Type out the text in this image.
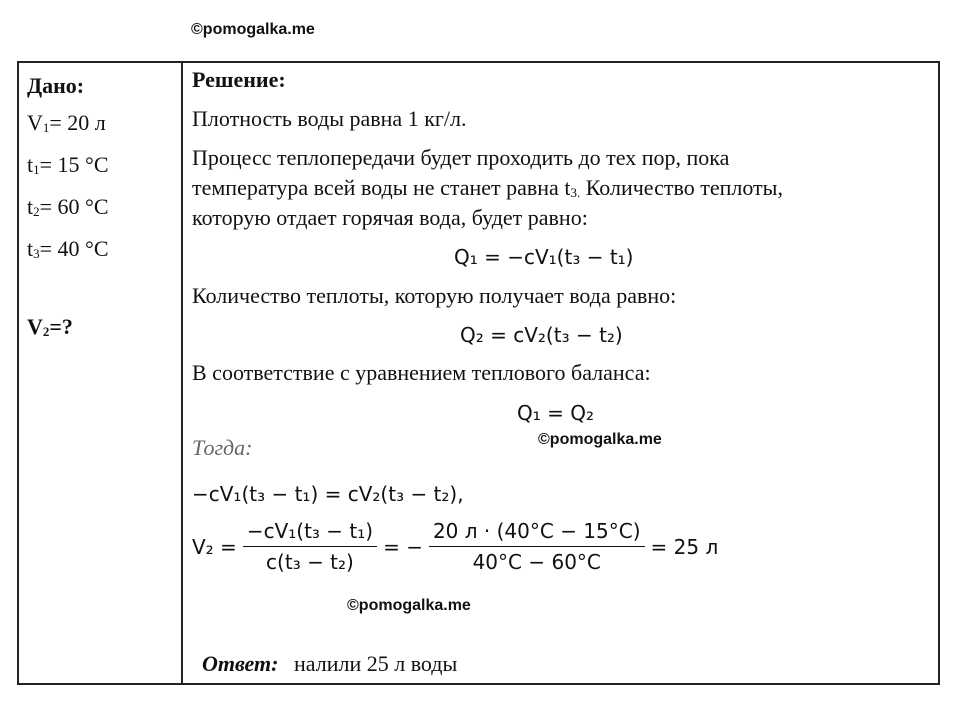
©pomogalka.me
©pomogalka.me
©pomogalka.me
Дано:
V1= 20 л
t1= 15 °C
t2= 60 °C
t3= 40 °C
V2=?
Решение:
Плотность воды равна 1 кг/л.
Процесс теплопередачи будет проходить до тех пор, пока
температура всей воды не станет равна t3. Количество теплоты,
которую отдает горячая вода, будет равно:
Q₁ = −cV₁(t₃ − t₁)
Количество теплоты, которую получает вода равно:
Q₂ = cV₂(t₃ − t₂)
В соответствие с уравнением теплового баланса:
Q₁ = Q₂
Тогда:
−cV₁(t₃ − t₁) = cV₂(t₃ − t₂),
$V_2 = \frac{\text{−cV₁(t₃ − t₁)}}{\text{c(t₃ − t₂)}}$ = − $\frac{20 л \cdot (40^\circ C - 15^\circ C)}{40^\circ C - 60^\circ C} = 25$ л
Ответ: налили 25 л воды
